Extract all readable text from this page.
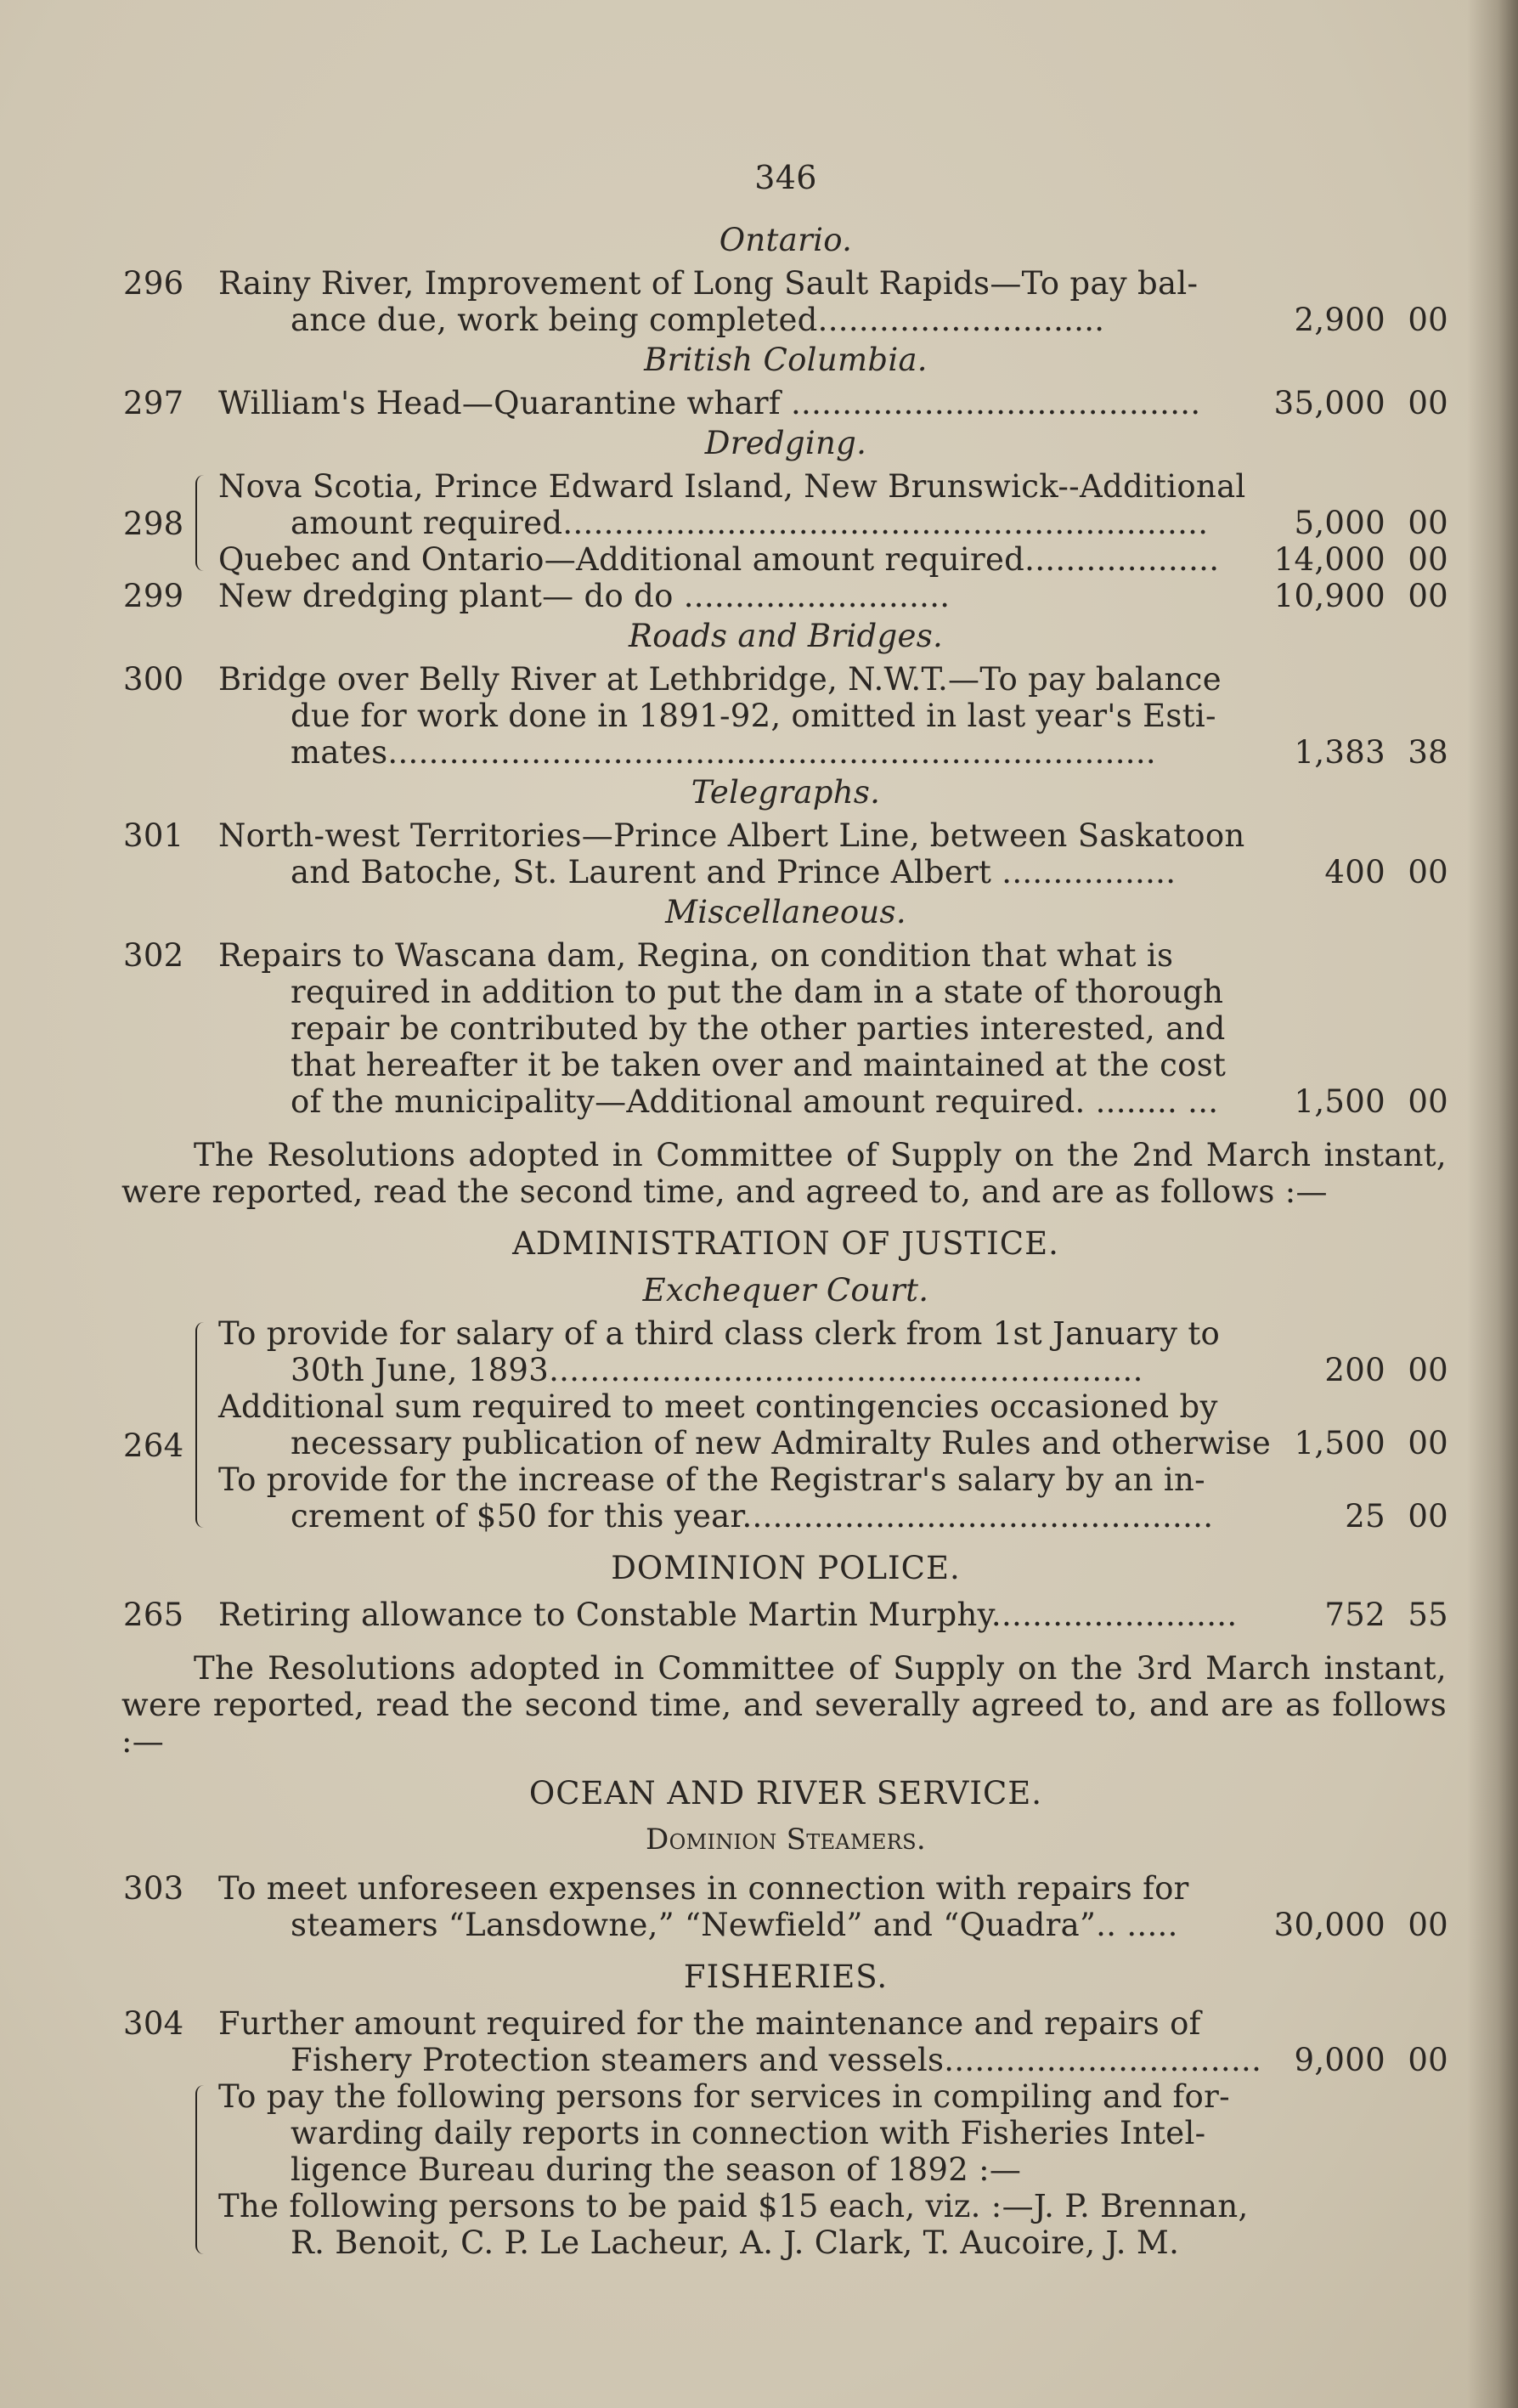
346
Ontario.
296	Rainy River, Improvement of Long Sault Rapids—To pay bal-
ance due, work being completed............................	2,900 00
British Columbia.
297	William's Head—Quarantine wharf ........................................	35,000 00
Dredging.
298
Nova Scotia, Prince Edward Island, New Brunswick--Additional
amount required...............................................................	5,000 00
Quebec and Ontario—Additional amount required...................	14,000 00
299	New dredging plant— do do ..........................	10,900 00
Roads and Bridges.
300	Bridge over Belly River at Lethbridge, N.W.T.—To pay balance
due for work done in 1891-92, omitted in last year's Esti-
mates...........................................................................	1,383 38
Telegraphs.
301	North-west Territories—Prince Albert Line, between Saskatoon
and Batoche, St. Laurent and Prince Albert .................	400 00
Miscellaneous.
302	Repairs to Wascana dam, Regina, on condition that what is
required in addition to put the dam in a state of thorough
repair be contributed by the other parties interested, and
that hereafter it be taken over and maintained at the cost
of the municipality—Additional amount required. ........ ...	1,500 00
The Resolutions adopted in Committee of Supply on the 2nd March instant, were reported, read the second time, and agreed to, and are as follows :—
ADMINISTRATION OF JUSTICE.
Exchequer Court.
264
To provide for salary of a third class clerk from 1st January to
30th June, 1893..........................................................	200 00
Additional sum required to meet contingencies occasioned by
necessary publication of new Admiralty Rules and otherwise 1,500 00
To provide for the increase of the Registrar's salary by an in-
crement of $50 for this year..............................................	25 00
DOMINION POLICE.
265	Retiring allowance to Constable Martin Murphy........................	752 55
The Resolutions adopted in Committee of Supply on the 3rd March instant, were reported, read the second time, and severally agreed to, and are as follows :—
OCEAN AND RIVER SERVICE.
Dominion Steamers.
303	To meet unforeseen expenses in connection with repairs for
steamers “Lansdowne,” “Newfield” and “Quadra”.. .....	30,000 00
FISHERIES.
304	Further amount required for the maintenance and repairs of
Fishery Protection steamers and vessels...............................	9,000 00
To pay the following persons for services in compiling and for-
warding daily reports in connection with Fisheries Intel-
ligence Bureau during the season of 1892 :—
The following persons to be paid $15 each, viz. :—J. P. Brennan,
R. Benoit, C. P. Le Lacheur, A. J. Clark, T. Aucoire, J. M.
